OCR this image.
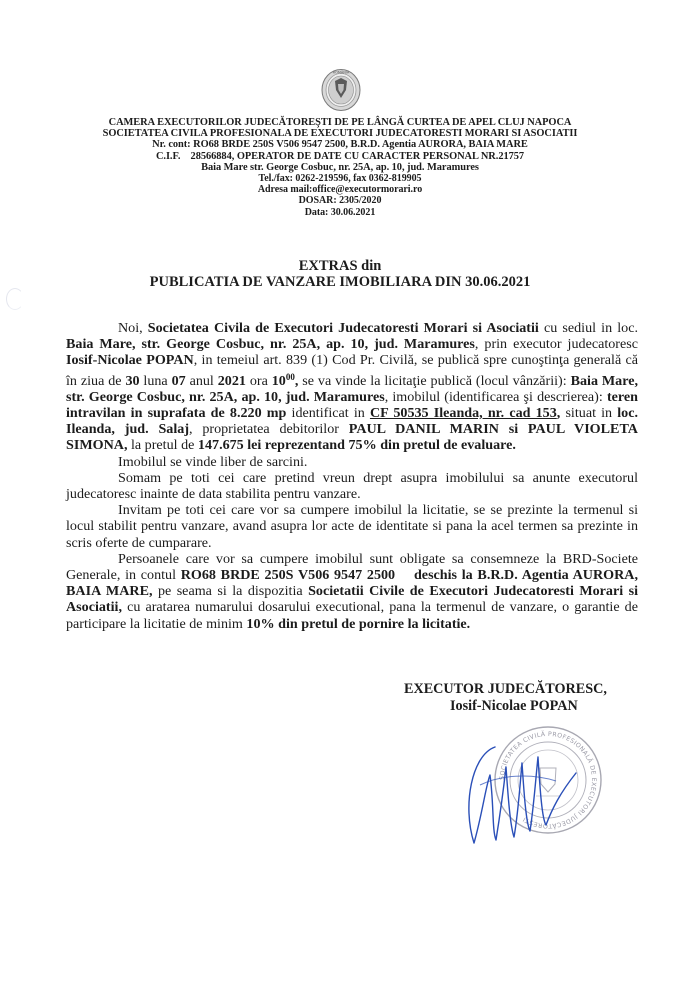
ROMÂNIA
CAMERA EXECUTORILOR JUDECĂTOREŞTI DE PE LÂNGĂ CURTEA DE APEL CLUJ NAPOCA
SOCIETATEA CIVILA PROFESIONALA DE EXECUTORI JUDECATORESTI MORARI SI ASOCIATII
Nr. cont: RO68 BRDE 250S V506 9547 2500, B.R.D. Agentia AURORA, BAIA MARE
C.I.F.    28566884, OPERATOR DE DATE CU CARACTER PERSONAL NR.21757
Baia Mare str. George Cosbuc, nr. 25A, ap. 10, jud. Maramures
Tel./fax: 0262-219596, fax 0362-819905
Adresa mail:office@executormorari.ro
DOSAR: 2305/2020
Data: 30.06.2021
EXTRAS din
PUBLICATIA DE VANZARE IMOBILIARA DIN 30.06.2021

Noi, Societatea Civila de Executori Judecatoresti Morari si Asociatii cu sediul in loc. Baia Mare, str. George Cosbuc, nr. 25A, ap. 10, jud. Maramures, prin executor judecatoresc Iosif-Nicolae POPAN, in temeiul art. 839 (1) Cod Pr. Civilă, se publică spre cunoştinţa generală că în ziua de 30 luna 07 anul 2021 ora $10^{00}$, se va vinde la licitaţie publică (locul vânzării): Baia Mare, str. George Cosbuc, nr. 25A, ap. 10, jud. Maramures, imobilul (identificarea şi descrierea): teren intravilan in suprafata de 8.220 mp identificat in CF 50535 Ileanda, nr. cad 153, situat in loc. Ileanda, jud. Salaj, proprietatea debitorilor PAUL DANIL MARIN si PAUL VIOLETA SIMONA, la pretul de 147.675 lei reprezentand 75% din pretul de evaluare.

Imobilul se vinde liber de sarcini.

Somam pe toti cei care pretind vreun drept asupra imobilului sa anunte executorul judecatoresc inainte de data stabilita pentru vanzare.

Invitam pe toti cei care vor sa cumpere imobilul la licitatie, se se prezinte la termenul si locul stabilit pentru vanzare, avand asupra lor acte de identitate si pana la acel termen sa prezinte in scris oferte de cumparare.

Persoanele care vor sa cumpere imobilul sunt obligate sa consemneze la BRD-Societe Generale, in contul RO68 BRDE 250S V506 9547 2500 deschis la B.R.D. Agentia AURORA, BAIA MARE, pe seama si la dispozitia Societatii Civile de Executori Judecatoresti Morari si Asociatii, cu aratarea numarului dosarului executional, pana la termenul de vanzare, o garantie de participare la licitatie de minim 10% din pretul de pornire la licitatie.

EXECUTOR JUDECĂTORESC,
Iosif-Nicolae POPAN
SOCIETATEA CIVILĂ PROFESIONALĂ DE EXECUTORI JUDECĂTOREŞTI
